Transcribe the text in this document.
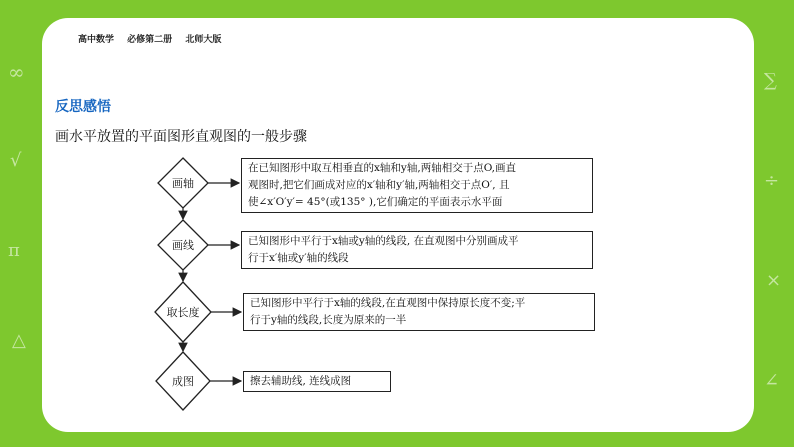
∞
√
π
△
∑
÷
×
∠
高中数学 必修第二册 北师大版
反思感悟
画水平放置的平面图形直观图的一般步骤
画轴
画线
取长度
成图
在已知图形中取互相垂直的x轴和y轴,两轴相交于点O,画直
观图时,把它们画成对应的x′轴和y′轴,两轴相交于点O′, 且
使∠x′O′y′= 45°(或135° ),它们确定的平面表示水平面
已知图形中平行于x轴或y轴的线段, 在直观图中分别画成平
行于x′轴或y′轴的线段
已知图形中平行于x轴的线段,在直观图中保持原长度不变;平
行于y轴的线段,长度为原来的一半
擦去辅助线, 连线成图
